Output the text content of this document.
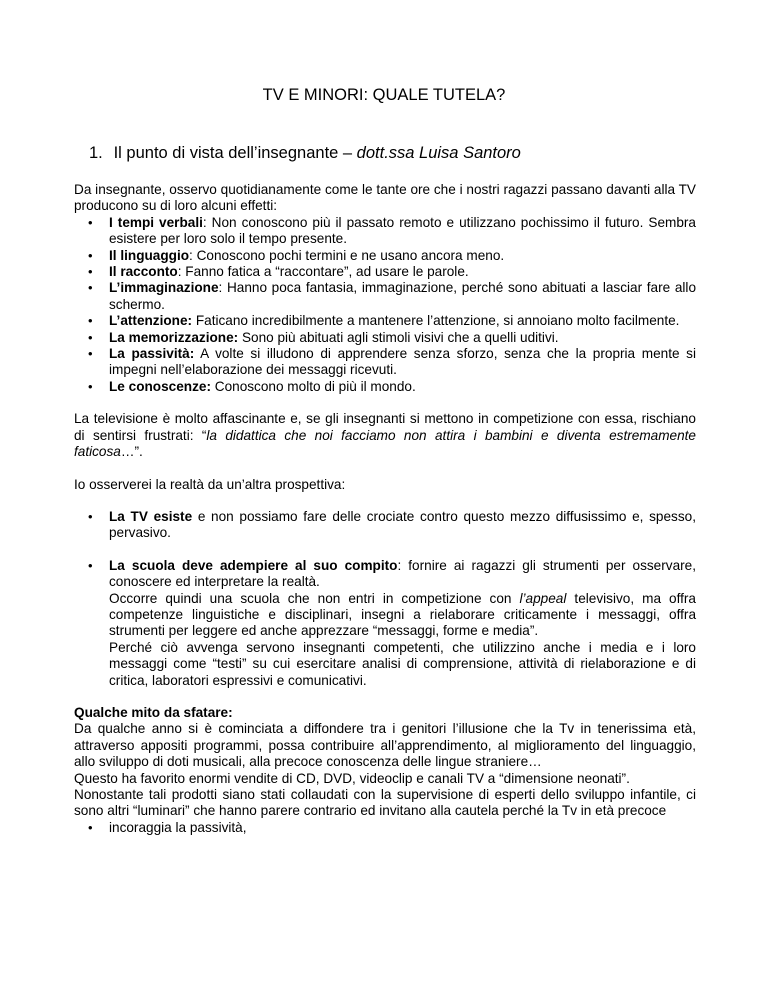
TV E MINORI: QUALE TUTELA?
1. Il punto di vista dell’insegnante – dott.ssa Luisa Santoro

Da insegnante, osservo quotidianamente come le tante ore che i nostri ragazzi passano davanti alla TV producono su di loro alcuni effetti:

• I tempi verbali: Non conoscono più il passato remoto e utilizzano pochissimo il futuro. Sembra esistere per loro solo il tempo presente.
• Il linguaggio: Conoscono pochi termini e ne usano ancora meno.
• Il racconto: Fanno fatica a “raccontare”, ad usare le parole.
• L’immaginazione: Hanno poca fantasia, immaginazione, perché sono abituati a lasciar fare allo schermo.
• L’attenzione: Faticano incredibilmente a mantenere l’attenzione, si annoiano molto facilmente.
• La memorizzazione: Sono più abituati agli stimoli visivi che a quelli uditivi.
• La passività: A volte si illudono di apprendere senza sforzo, senza che la propria mente si impegni nell’elaborazione dei messaggi ricevuti.
• Le conoscenze: Conoscono molto di più il mondo.

La televisione è molto affascinante e, se gli insegnanti si mettono in competizione con essa, rischiano di sentirsi frustrati: “la didattica che noi facciamo non attira i bambini e diventa estremamente faticosa…”.

Io osserverei la realtà da un’altra prospettiva:

• La TV esiste e non possiamo fare delle crociate contro questo mezzo diffusissimo e, spesso, pervasivo.
• La scuola deve adempiere al suo compito: fornire ai ragazzi gli strumenti per osservare, conoscere ed interpretare la realtà.
Occorre quindi una scuola che non entri in competizione con l’appeal televisivo, ma offra competenze linguistiche e disciplinari, insegni a rielaborare criticamente i messaggi, offra strumenti per leggere ed anche apprezzare “messaggi, forme e media”.
Perché ciò avvenga servono insegnanti competenti, che utilizzino anche i media e i loro messaggi come “testi” su cui esercitare analisi di comprensione, attività di rielaborazione e di critica, laboratori espressivi e comunicativi.

Qualche mito da sfatare:

Da qualche anno si è cominciata a diffondere tra i genitori l’illusione che la Tv in tenerissima età, attraverso appositi programmi, possa contribuire all’apprendimento, al miglioramento del linguaggio, allo sviluppo di doti musicali, alla precoce conoscenza delle lingue straniere…

Questo ha favorito enormi vendite di CD, DVD, videoclip e canali TV a “dimensione neonati”.

Nonostante tali prodotti siano stati collaudati con la supervisione di esperti dello sviluppo infantile, ci sono altri “luminari” che hanno parere contrario ed invitano alla cautela perché la Tv in età precoce

• incoraggia la passività,
